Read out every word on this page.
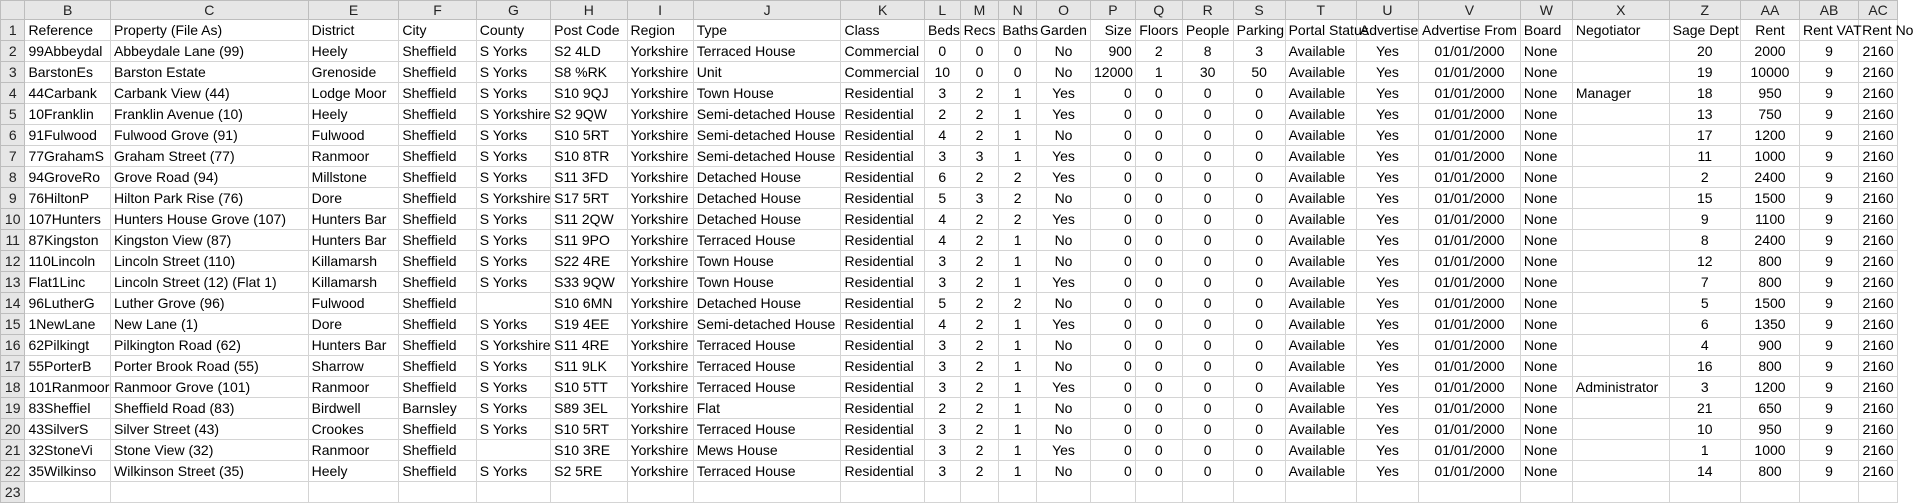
	B	C	E	F	G	H	I	J	K	L	M	N	O	P	Q	R	S	T	U	V	W	X	Z	AA	AB	AC
1	Reference	Property (File As)	District	City	County	Post Code	Region	Type	Class	Beds	Recs	Baths	Garden	Size	Floors	People	Parking	Portal Status	Advertise	Advertise From	Board	Negotiator	Sage Dept	Rent	Rent VAT	Rent No
2	99Abbeydal	Abbeydale Lane (99)	Heely	Sheffield	S Yorks	S2 4LD	Yorkshire	Terraced House	Commercial	0	0	0	No	900	2	8	3	Available	Yes	01/01/2000	None		20	2000	9	2160
3	BarstonEs	Barston Estate	Grenoside	Sheffield	S Yorks	S8 %RK	Yorkshire	Unit	Commercial	10	0	0	No	12000	1	30	50	Available	Yes	01/01/2000	None		19	10000	9	2160
4	44Carbank	Carbank View (44)	Lodge Moor	Sheffield	S Yorks	S10 9QJ	Yorkshire	Town House	Residential	3	2	1	Yes	0	0	0	0	Available	Yes	01/01/2000	None	Manager	18	950	9	2160
5	10Franklin	Franklin Avenue (10)	Heely	Sheffield	S Yorkshire	S2 9QW	Yorkshire	Semi-detached House	Residential	2	2	1	Yes	0	0	0	0	Available	Yes	01/01/2000	None		13	750	9	2160
6	91Fulwood	Fulwood Grove (91)	Fulwood	Sheffield	S Yorks	S10 5RT	Yorkshire	Semi-detached House	Residential	4	2	1	No	0	0	0	0	Available	Yes	01/01/2000	None		17	1200	9	2160
7	77GrahamS	Graham Street (77)	Ranmoor	Sheffield	S Yorks	S10 8TR	Yorkshire	Semi-detached House	Residential	3	3	1	Yes	0	0	0	0	Available	Yes	01/01/2000	None		11	1000	9	2160
8	94GroveRo	Grove Road (94)	Millstone	Sheffield	S Yorks	S11 3FD	Yorkshire	Detached House	Residential	6	2	2	Yes	0	0	0	0	Available	Yes	01/01/2000	None		2	2400	9	2160
9	76HiltonP	Hilton Park Rise (76)	Dore	Sheffield	S Yorkshire	S17 5RT	Yorkshire	Detached House	Residential	5	3	2	No	0	0	0	0	Available	Yes	01/01/2000	None		15	1500	9	2160
10	107Hunters	Hunters House Grove (107)	Hunters Bar	Sheffield	S Yorks	S11 2QW	Yorkshire	Detached House	Residential	4	2	2	Yes	0	0	0	0	Available	Yes	01/01/2000	None		9	1100	9	2160
11	87Kingston	Kingston View (87)	Hunters Bar	Sheffield	S Yorks	S11 9PO	Yorkshire	Terraced House	Residential	4	2	1	No	0	0	0	0	Available	Yes	01/01/2000	None		8	2400	9	2160
12	110Lincoln	Lincoln Street (110)	Killamarsh	Sheffield	S Yorks	S22 4RE	Yorkshire	Town House	Residential	3	2	1	No	0	0	0	0	Available	Yes	01/01/2000	None		12	800	9	2160
13	Flat1Linc	Lincoln Street (12) (Flat 1)	Killamarsh	Sheffield	S Yorks	S33 9QW	Yorkshire	Town House	Residential	3	2	1	Yes	0	0	0	0	Available	Yes	01/01/2000	None		7	800	9	2160
14	96LutherG	Luther Grove (96)	Fulwood	Sheffield		S10 6MN	Yorkshire	Detached House	Residential	5	2	2	No	0	0	0	0	Available	Yes	01/01/2000	None		5	1500	9	2160
15	1NewLane	New Lane (1)	Dore	Sheffield	S Yorks	S19 4EE	Yorkshire	Semi-detached House	Residential	4	2	1	Yes	0	0	0	0	Available	Yes	01/01/2000	None		6	1350	9	2160
16	62Pilkingt	Pilkington Road (62)	Hunters Bar	Sheffield	S Yorkshire	S11 4RE	Yorkshire	Terraced House	Residential	3	2	1	No	0	0	0	0	Available	Yes	01/01/2000	None		4	900	9	2160
17	55PorterB	Porter Brook Road (55)	Sharrow	Sheffield	S Yorks	S11 9LK	Yorkshire	Terraced House	Residential	3	2	1	No	0	0	0	0	Available	Yes	01/01/2000	None		16	800	9	2160
18	101Ranmoor	Ranmoor Grove (101)	Ranmoor	Sheffield	S Yorks	S10 5TT	Yorkshire	Terraced House	Residential	3	2	1	Yes	0	0	0	0	Available	Yes	01/01/2000	None	Administrator	3	1200	9	2160
19	83Sheffiel	Sheffield Road (83)	Birdwell	Barnsley	S Yorks	S89 3EL	Yorkshire	Flat	Residential	2	2	1	No	0	0	0	0	Available	Yes	01/01/2000	None		21	650	9	2160
20	43SilverS	Silver Street (43)	Crookes	Sheffield	S Yorks	S10 5RT	Yorkshire	Terraced House	Residential	3	2	1	No	0	0	0	0	Available	Yes	01/01/2000	None		10	950	9	2160
21	32StoneVi	Stone View (32)	Ranmoor	Sheffield		S10 3RE	Yorkshire	Mews House	Residential	3	2	1	Yes	0	0	0	0	Available	Yes	01/01/2000	None		1	1000	9	2160
22	35Wilkinso	Wilkinson Street (35)	Heely	Sheffield	S Yorks	S2 5RE	Yorkshire	Terraced House	Residential	3	2	1	No	0	0	0	0	Available	Yes	01/01/2000	None		14	800	9	2160
23																										
